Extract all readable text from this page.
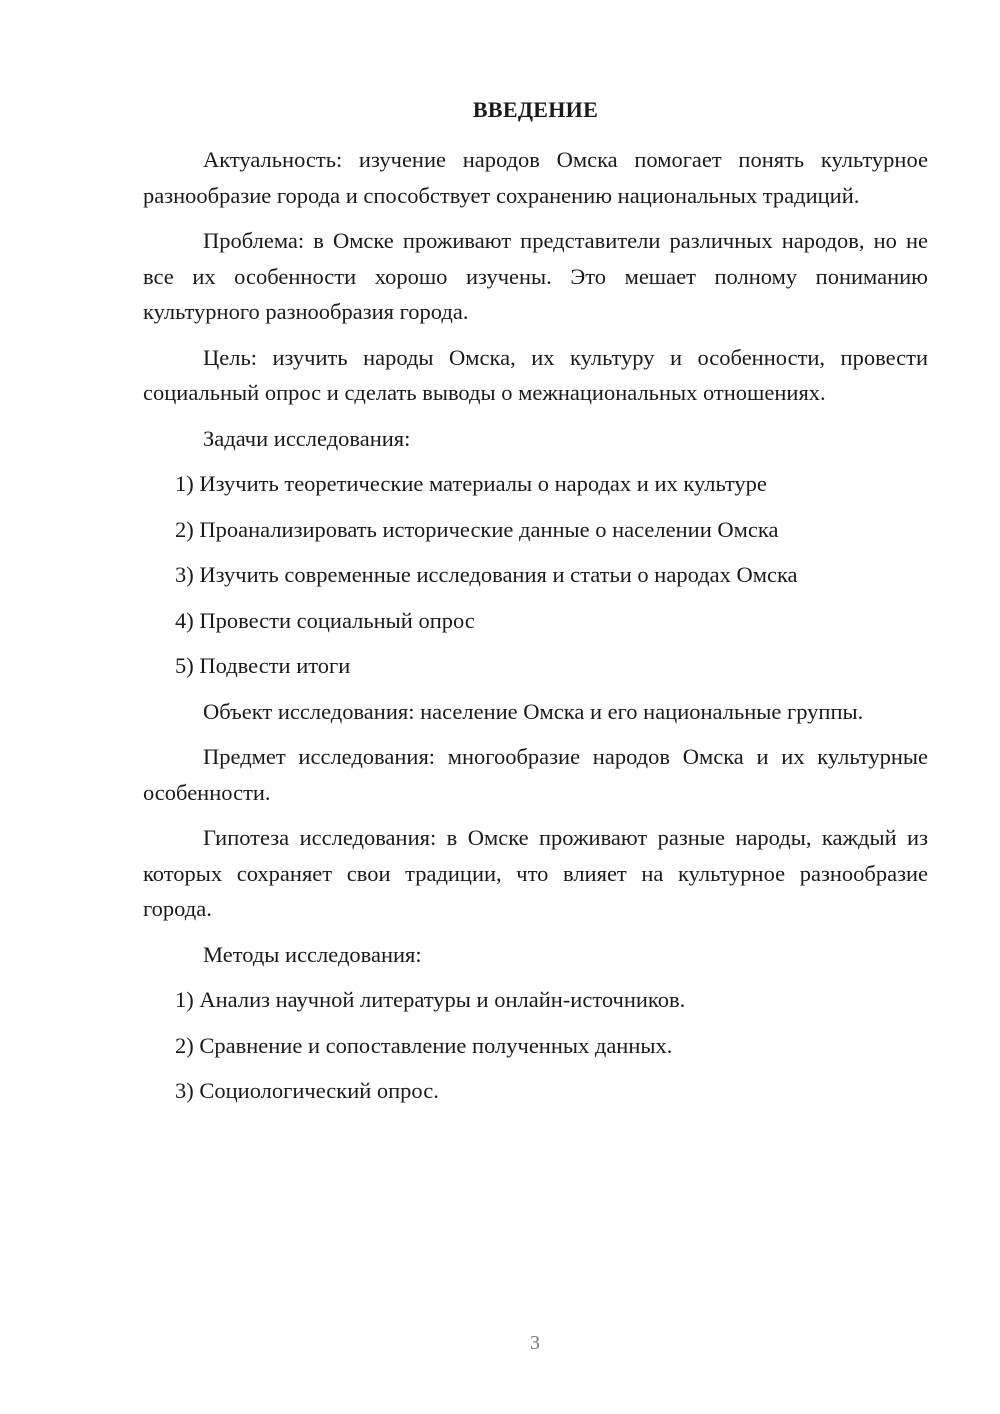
ВВЕДЕНИЕ

Актуальность: изучение народов Омска помогает понять культурное разнообразие города и способствует сохранению национальных традиций.

Проблема: в Омске проживают представители различных народов, но не все их особенности хорошо изучены. Это мешает полному пониманию культурного разнообразия города.

Цель: изучить народы Омска, их культуру и особенности, провести социальный опрос и сделать выводы о межнациональных отношениях.

Задачи исследования:

1) Изучить теоретические материалы о народах и их культуре
2) Проанализировать исторические данные о населении Омска
3) Изучить современные исследования и статьи о народах Омска
4) Провести социальный опрос
5) Подвести итоги

Объект исследования: население Омска и его национальные группы.

Предмет исследования: многообразие народов Омска и их культурные особенности.

Гипотеза исследования: в Омске проживают разные народы, каждый из которых сохраняет свои традиции, что влияет на культурное разнообразие города.

Методы исследования:

1) Анализ научной литературы и онлайн-источников.
2) Сравнение и сопоставление полученных данных.
3) Социологический опрос.
3
